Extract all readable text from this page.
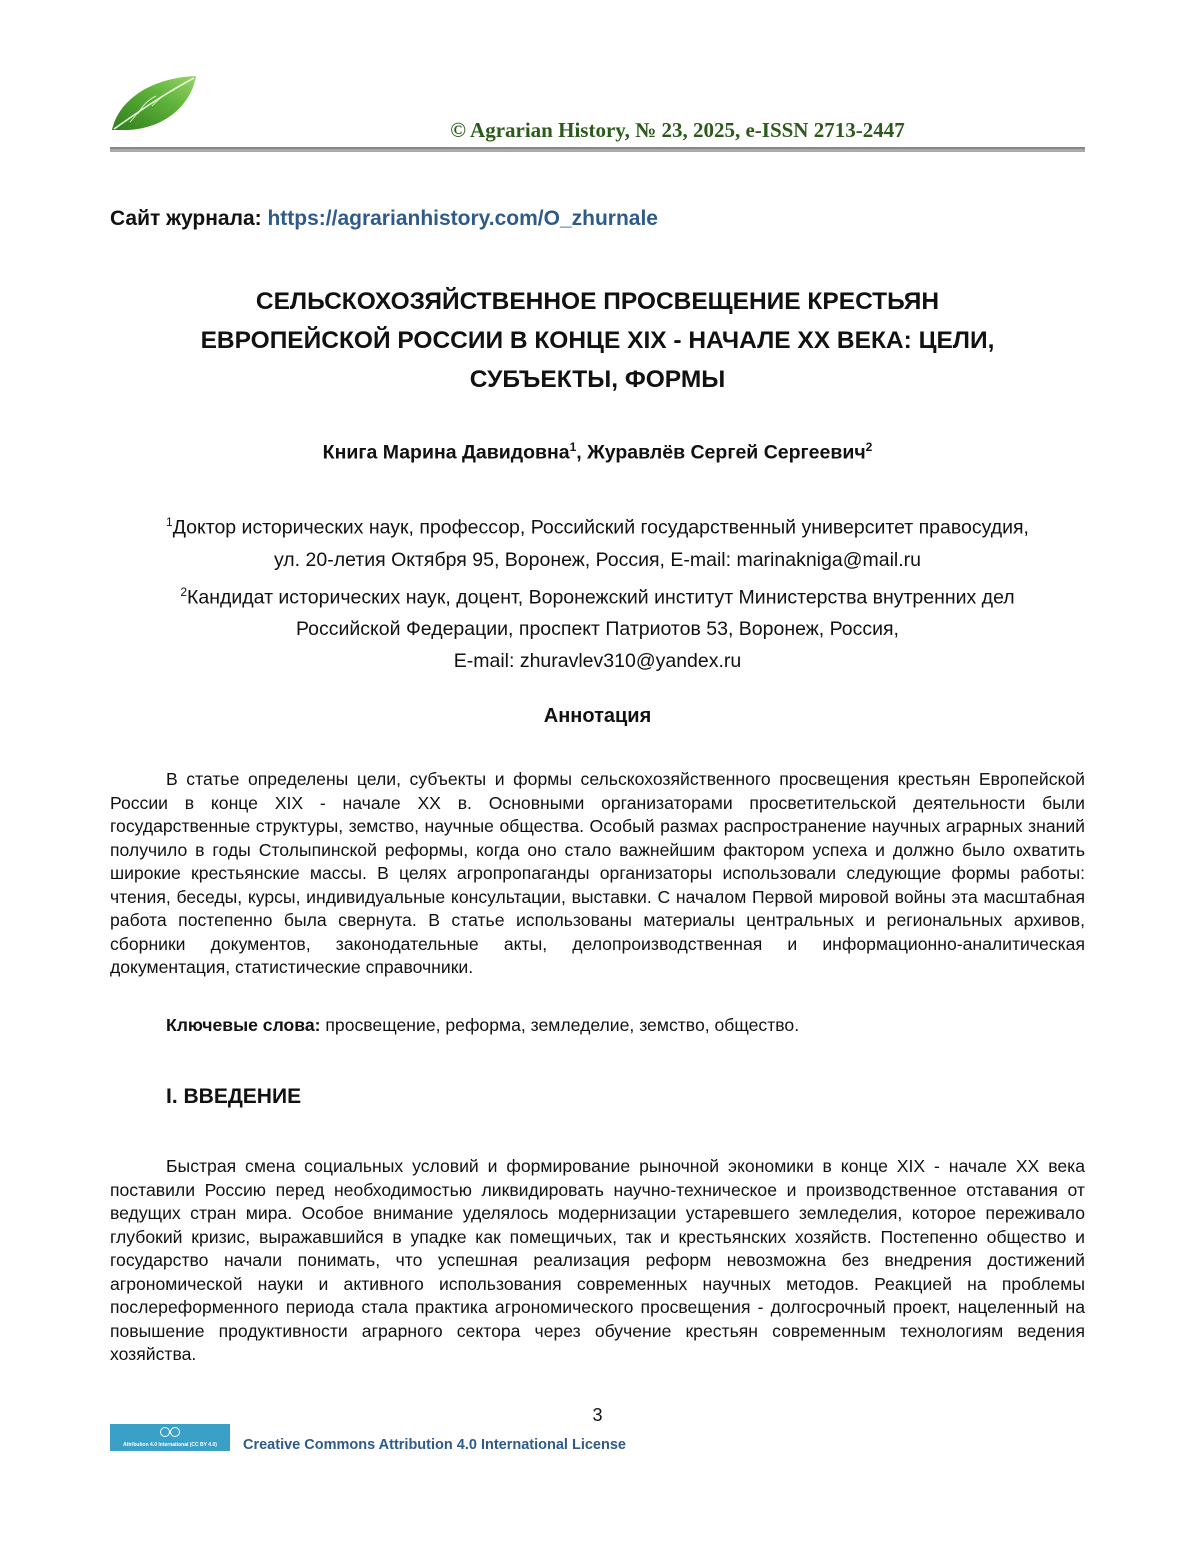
© Agrarian History, № 23, 2025, e-ISSN 2713-2447
Сайт журнала: https://agrarianhistory.com/O_zhurnale
СЕЛЬСКОХОЗЯЙСТВЕННОЕ ПРОСВЕЩЕНИЕ КРЕСТЬЯН
ЕВРОПЕЙСКОЙ РОССИИ В КОНЦЕ XIX - НАЧАЛЕ XX ВЕКА: ЦЕЛИ,
СУБЪЕКТЫ, ФОРМЫ
Книга Марина Давидовна$^1$, Журавлёв Сергей Сергеевич$^2$

$^1$Доктор исторических наук, профессор, Российский государственный университет правосудия,

ул. 20-летия Октября 95, Воронеж, Россия, E-mail: marinakniga@mail.ru

$^2$Кандидат исторических наук, доцент, Воронежский институт Министерства внутренних дел

Российской Федерации, проспект Патриотов 53, Воронеж, Россия,

E-mail: zhuravlev310@yandex.ru

Аннотация

В статье определены цели, субъекты и формы сельскохозяйственного просвещения крестьян Европейской России в конце XIX - начале XX в. Основными организаторами просветительской деятельности были государственные структуры, земство, научные общества. Особый размах распространение научных аграрных знаний получило в годы Столыпинской реформы, когда оно стало важнейшим фактором успеха и должно было охватить широкие крестьянские массы. В целях агропропаганды организаторы использовали следующие формы работы: чтения, беседы, курсы, индивидуальные консультации, выставки. С началом Первой мировой войны эта масштабная работа постепенно была свернута. В статье использованы материалы центральных и региональных архивов, сборники документов, законодательные акты, делопроизводственная и информационно-аналитическая документация, статистические справочники.

Ключевые слова: просвещение, реформа, земледелие, земство, общество.
I. ВВЕДЕНИЕ

Быстрая смена социальных условий и формирование рыночной экономики в конце XIX - начале XX века поставили Россию перед необходимостью ликвидировать научно-техническое и производственное отставания от ведущих стран мира. Особое внимание уделялось модернизации устаревшего земледелия, которое переживало глубокий кризис, выражавшийся в упадке как помещичьих, так и крестьянских хозяйств. Постепенно общество и государство начали понимать, что успешная реализация реформ невозможна без внедрения достижений агрономической науки и активного использования современных научных методов. Реакцией на проблемы послереформенного периода стала практика агрономического просвещения - долгосрочный проект, нацеленный на повышение продуктивности аграрного сектора через обучение крестьян современным технологиям ведения хозяйства.

3
Attribution 4.0 International (CC BY 4.0) Creative Commons Attribution 4.0 International License
